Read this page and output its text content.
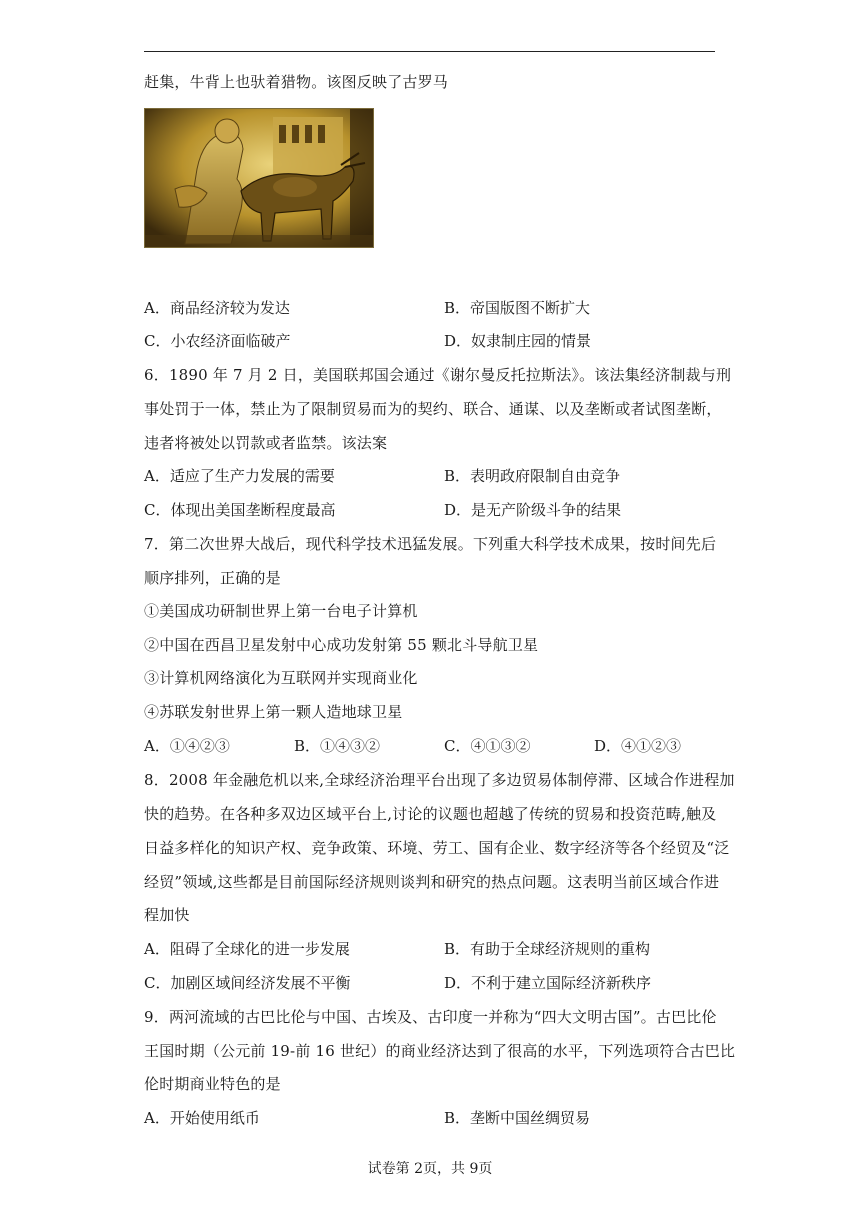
赶集，牛背上也驮着猎物。该图反映了古罗马
A．商品经济较为发达	B．帝国版图不断扩大
C．小农经济面临破产	D．奴隶制庄园的情景
6．1890 年 7 月 2 日，美国联邦国会通过《谢尔曼反托拉斯法》。该法集经济制裁与刑
事处罚于一体，禁止为了限制贸易而为的契约、联合、通谋、以及垄断或者试图垄断，
违者将被处以罚款或者监禁。该法案
A．适应了生产力发展的需要	B．表明政府限制自由竞争
C．体现出美国垄断程度最高	D．是无产阶级斗争的结果
7．第二次世界大战后，现代科学技术迅猛发展。下列重大科学技术成果，按时间先后
顺序排列，正确的是
①美国成功研制世界上第一台电子计算机
②中国在西昌卫星发射中心成功发射第 55 颗北斗导航卫星
③计算机网络演化为互联网并实现商业化
④苏联发射世界上第一颗人造地球卫星
A．①④②③	B．①④③②	C．④①③②	D．④①②③
8．2008 年金融危机以来,全球经济治理平台出现了多边贸易体制停滞、区域合作进程加
快的趋势。在各种多双边区域平台上,讨论的议题也超越了传统的贸易和投资范畴,触及
日益多样化的知识产权、竞争政策、环境、劳工、国有企业、数字经济等各个经贸及“泛
经贸”领域,这些都是目前国际经济规则谈判和研究的热点问题。这表明当前区域合作进
程加快
A．阻碍了全球化的进一步发展	B．有助于全球经济规则的重构
C．加剧区域间经济发展不平衡	D．不利于建立国际经济新秩序
9．两河流域的古巴比伦与中国、古埃及、古印度一并称为“四大文明古国”。古巴比伦
王国时期（公元前 19-前 16 世纪）的商业经济达到了很高的水平，下列选项符合古巴比
伦时期商业特色的是
A．开始使用纸币	B．垄断中国丝绸贸易
试卷第 2页，共 9页
